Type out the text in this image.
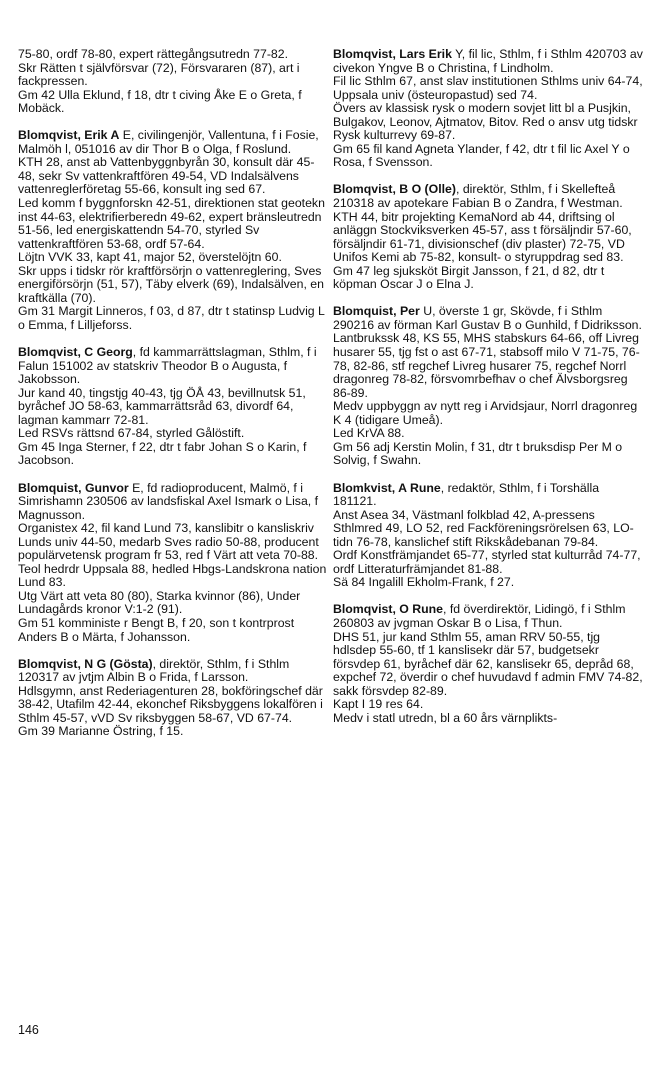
75-80, ordf 78-80, expert rättegångsutredn 77-82.
Skr Rätten t självförsvar (72), Försvararen (87), art i fackpressen.
Gm 42 Ulla Eklund, f 18, dtr t civing Åke E o Greta, f Mobäck.

Blomqvist, Erik A E, civilingenjör, Vallentuna, f i Fosie, Malmöh l, 051016 av dir Thor B o Olga, f Roslund.
KTH 28, anst ab Vattenbyggnbyrån 30, konsult där 45-48, sekr Sv vattenkraftfören 49-54, VD Indalsälvens vattenreglerföretag 55-66, konsult ing sed 67.
Led komm f byggnforskn 42-51, direktionen stat geotekn inst 44-63, elektrifierberedn 49-62, expert bränsleutredn 51-56, led energiskattendn 54-70, styrled Sv vattenkraftfören 53-68, ordf 57-64.
Löjtn VVK 33, kapt 41, major 52, överstelöjtn 60.
Skr upps i tidskr rör kraftförsörjn o vattenreglering, Sves energiförsörjn (51, 57), Täby elverk (69), Indalsälven, en kraftkälla (70).
Gm 31 Margit Linneros, f 03, d 87, dtr t statinsp Ludvig L o Emma, f Lilljeforss.

Blomqvist, C Georg, fd kammarrättslagman, Sthlm, f i Falun 151002 av statskriv Theodor B o Augusta, f Jakobsson.
Jur kand 40, tingstjg 40-43, tjg ÖÅ 43, bevillnutsk 51, byråchef JO 58-63, kammarrättsråd 63, divordf 64, lagman kammarr 72-81.
Led RSVs rättsnd 67-84, styrled Gålöstift.
Gm 45 Inga Sterner, f 22, dtr t fabr Johan S o Karin, f Jacobson.

Blomquist, Gunvor E, fd radioproducent, Malmö, f i Simrishamn 230506 av landsfiskal Axel Ismark o Lisa, f Magnusson.
Organistex 42, fil kand Lund 73, kanslibitr o kansliskriv Lunds univ 44-50, medarb Sves radio 50-88, producent populärvetensk program fr 53, red f Värt att veta 70-88.
Teol hedrdr Uppsala 88, hedled Hbgs-Landskrona nation Lund 83.
Utg Värt att veta 80 (80), Starka kvinnor (86), Under Lundagårds kronor V:1-2 (91).
Gm 51 komministe r Bengt B, f 20, son t kontrprost Anders B o Märta, f Johansson.

Blomqvist, N G (Gösta), direktör, Sthlm, f i Sthlm 120317 av jvtjm Albin B o Frida, f Larsson.
Hdlsgymn, anst Rederiagenturen 28, bokföringschef där 38-42, Utafilm 42-44, ekonchef Riksbyggens lokalfören i Sthlm 45-57, vVD Sv riksbyggen 58-67, VD 67-74.
Gm 39 Marianne Östring, f 15.

Blomqvist, Lars Erik Y, fil lic, Sthlm, f i Sthlm 420703 av civekon Yngve B o Christina, f Lindholm.
Fil lic Sthlm 67, anst slav institutionen Sthlms univ 64-74, Uppsala univ (östeuropastud) sed 74.
Övers av klassisk rysk o modern sovjet litt bl a Pusjkin, Bulgakov, Leonov, Ajtmatov, Bitov. Red o ansv utg tidskr Rysk kulturrevy 69-87.
Gm 65 fil kand Agneta Ylander, f 42, dtr t fil lic Axel Y o Rosa, f Svensson.

Blomqvist, B O (Olle), direktör, Sthlm, f i Skellefteå 210318 av apotekare Fabian B o Zandra, f Westman.
KTH 44, bitr projekting KemaNord ab 44, driftsing ol anläggn Stockviksverken 45-57, ass t försäljndir 57-60, försäljndir 61-71, divisionschef (div plaster) 72-75, VD Unifos Kemi ab 75-82, konsult- o styruppdrag sed 83.
Gm 47 leg sjuksköt Birgit Jansson, f 21, d 82, dtr t köpman Oscar J o Elna J.

Blomquist, Per U, överste 1 gr, Skövde, f i Sthlm 290216 av förman Karl Gustav B o Gunhild, f Didriksson.
Lantbrukssk 48, KS 55, MHS stabskurs 64-66, off Livreg husarer 55, tjg fst o ast 67-71, stabsoff milo V 71-75, 76-78, 82-86, stf regchef Livreg husarer 75, regchef Norrl dragonreg 78-82, försvomrbefhav o chef Älvsborgsreg 86-89.
Medv uppbyggn av nytt reg i Arvidsjaur, Norrl dragonreg K 4 (tidigare Umeå).
Led KrVA 88.
Gm 56 adj Kerstin Molin, f 31, dtr t bruksdisp Per M o Solvig, f Swahn.

Blomkvist, A Rune, redaktör, Sthlm, f i Torshälla 181121.
Anst Asea 34, Västmanl folkblad 42, A-pressens Sthlmred 49, LO 52, red Fackföreningsrörelsen 63, LO-tidn 76-78, kanslichef stift Rikskådebanan 79-84.
Ordf Konstfrämjandet 65-77, styrled stat kulturråd 74-77, ordf Litteraturfrämjandet 81-88.
Sä 84 Ingalill Ekholm-Frank, f 27.

Blomqvist, O Rune, fd överdirektör, Lidingö, f i Sthlm 260803 av jvgman Oskar B o Lisa, f Thun.
DHS 51, jur kand Sthlm 55, aman RRV 50-55, tjg hdlsdep 55-60, tf 1 kanslisekr där 57, budgetsekr försvdep 61, byråchef där 62, kanslisekr 65, depråd 68, expchef 72, överdir o chef huvudavd f admin FMV 74-82, sakk försvdep 82-89.
Kapt I 19 res 64.
Medv i statl utredn, bl a 60 års värnplikts-

146
